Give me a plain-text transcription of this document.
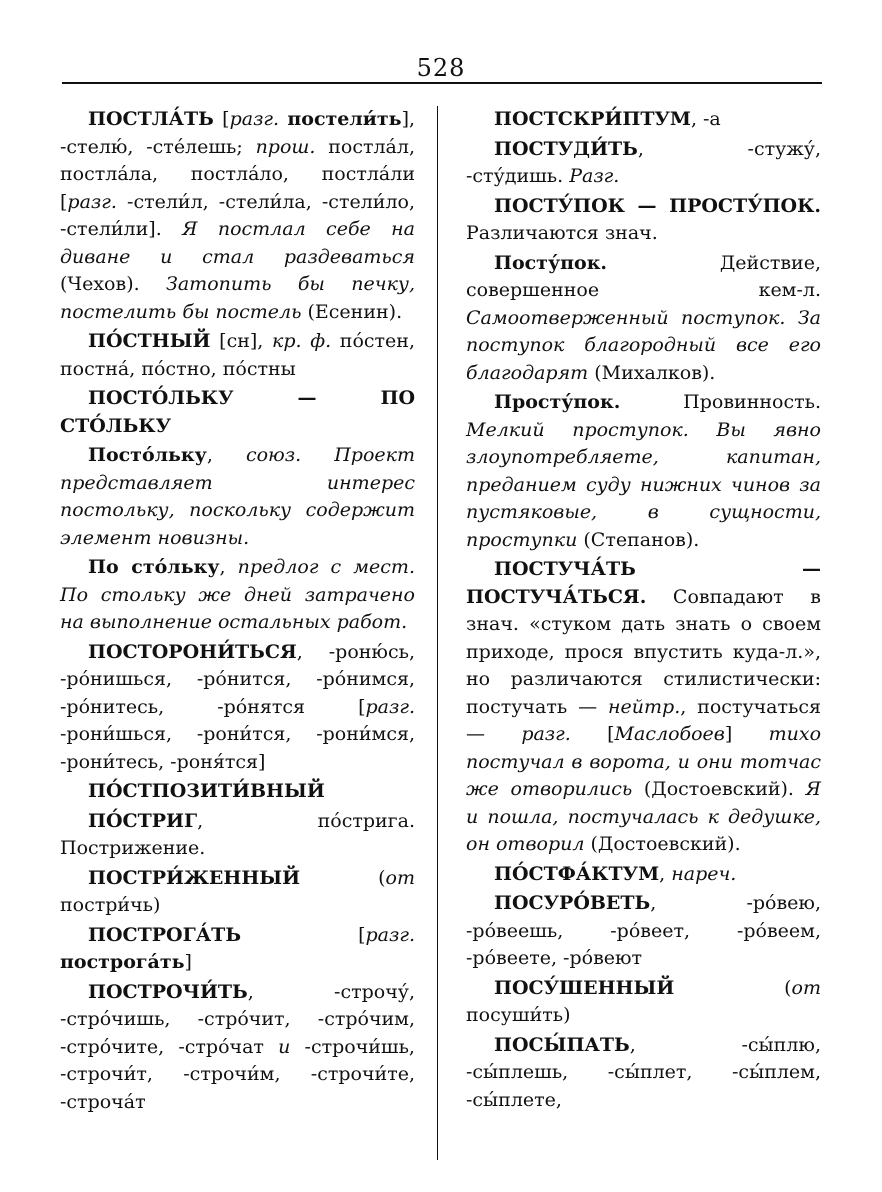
528

ПОСТЛА́ТЬ [разг. постели́ть], -стелю́, -сте́лешь; прош. постла́л, постла́ла, постла́ло, постла́ли [разг. -стели́л, -стели́ла, -стели́ло, -стели́ли]. Я постлал себе на диване и стал раздеваться (Чехов). Затопить бы печку, постелить бы постель (Есенин).

ПО́СТНЫЙ [сн], кр. ф. по́стен, постна́, по́стно, по́стны

ПОСТО́ЛЬКУ — ПО СТО́ЛЬКУ

Посто́льку, союз. Проект представляет интерес постольку, поскольку содержит элемент новизны.

По сто́льку, предлог с мест. По стольку же дней затрачено на выполнение остальных работ.

ПОСТОРОНИ́ТЬСЯ, -роню́сь, -ро́нишься, -ро́нится, -ро́нимся, -ро́нитесь, -ро́нятся [разг. -рони́шься, -рони́тся, -рони́мся, -рони́тесь, -роня́тся]

ПО́СТПОЗИТИ́ВНЫЙ

ПО́СТРИГ, по́стрига. Пострижение.

ПОСТРИ́ЖЕННЫЙ (от постри́чь)

ПОСТРОГА́ТЬ [разг. построга́ть]

ПОСТРОЧИ́ТЬ, -строчу́, -стро́чишь, -стро́чит, -стро́чим, -стро́чите, -стро́чат и -строчи́шь, -строчи́т, -строчи́м, -строчи́те, -строча́т

ПОСТСКРИ́ПТУМ, -а

ПОСТУДИ́ТЬ, -стужу́, -сту́дишь. Разг.

ПОСТУ́ПОК — ПРОСТУ́ПОК. Различаются знач.

Посту́пок. Действие, совершенное кем-л. Самоотверженный поступок. За поступок благородный все его благодарят (Михалков).

Просту́пок. Провинность. Мелкий проступок. Вы явно злоупотребляете, капитан, преданием суду нижних чинов за пустяковые, в сущности, проступки (Степанов).

ПОСТУЧА́ТЬ — ПОСТУЧА́ТЬСЯ. Совпадают в знач. «стуком дать знать о своем приходе, прося впустить куда-л.», но различаются стилистически: постучать — нейтр., постучаться — разг. [Маслобоев] тихо постучал в ворота, и они тотчас же отворились (Достоевский). Я и пошла, постучалась к дедушке, он отворил (Достоевский).

ПО́СТФА́КТУМ, нареч.

ПОСУРО́ВЕТЬ, -ро́вею, -ро́веешь, -ро́веет, -ро́веем, -ро́веете, -ро́веют

ПОСУ́ШЕННЫЙ (от посуши́ть)

ПОСЫ́ПАТЬ, -сы́плю, -сы́плешь, -сы́плет, -сы́плем, -сы́плете,
